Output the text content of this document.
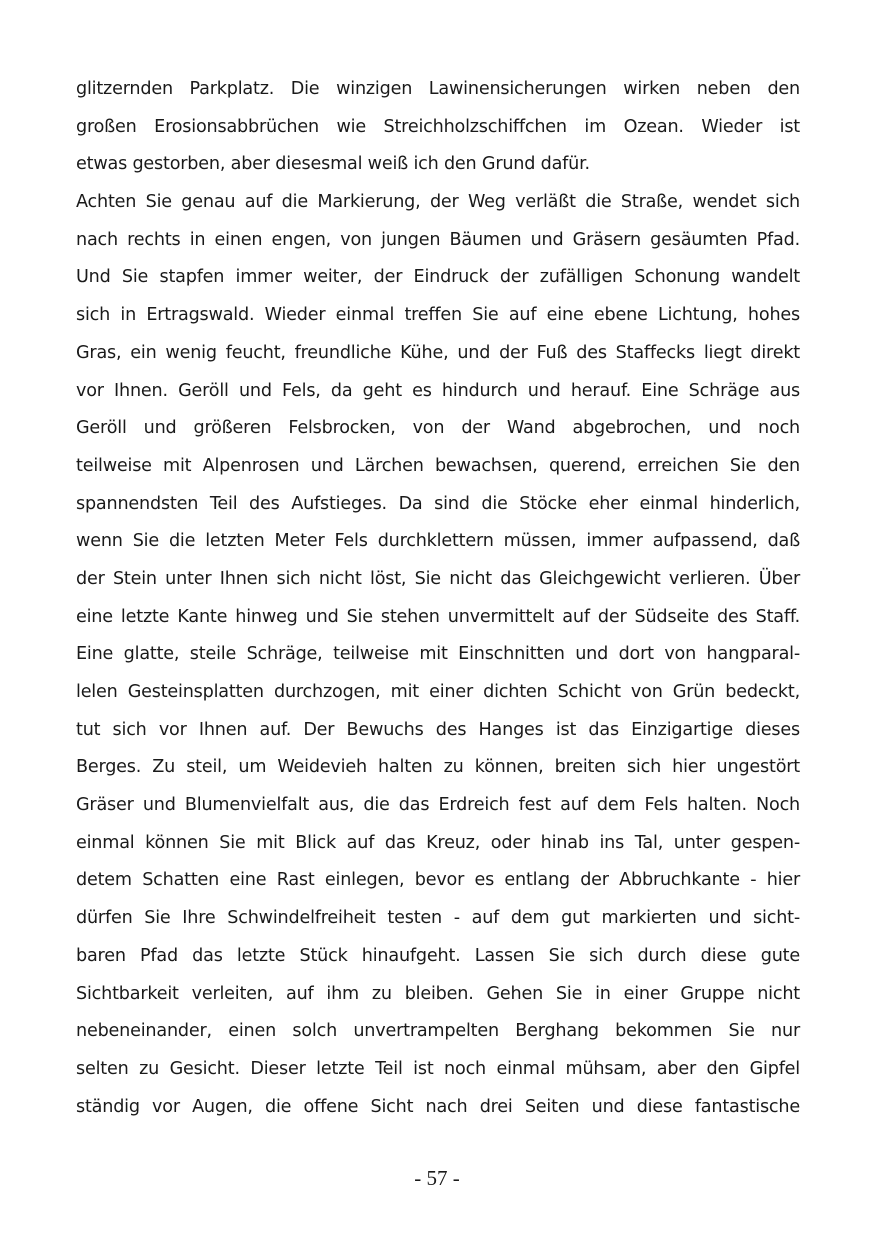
glitzernden Parkplatz. Die winzigen Lawinensicherungen wirken neben den
großen Erosionsabbrüchen wie Streichholzschiffchen im Ozean. Wieder ist
etwas gestorben, aber diesesmal weiß ich den Grund dafür.
Achten Sie genau auf die Markierung, der Weg verläßt die Straße, wendet sich
nach rechts in einen engen, von jungen Bäumen und Gräsern gesäumten Pfad.
Und Sie stapfen immer weiter, der Eindruck der zufälligen Schonung wandelt
sich in Ertragswald. Wieder einmal treffen Sie auf eine ebene Lichtung, hohes
Gras, ein wenig feucht, freundliche Kühe, und der Fuß des Staffecks liegt direkt
vor Ihnen. Geröll und Fels, da geht es hindurch und herauf. Eine Schräge aus
Geröll und größeren Felsbrocken, von der Wand abgebrochen, und noch
teilweise mit Alpenrosen und Lärchen bewachsen, querend, erreichen Sie den
spannendsten Teil des Aufstieges. Da sind die Stöcke eher einmal hinderlich,
wenn Sie die letzten Meter Fels durchklettern müssen, immer aufpassend, daß
der Stein unter Ihnen sich nicht löst, Sie nicht das Gleichgewicht verlieren. Über
eine letzte Kante hinweg und Sie stehen unvermittelt auf der Südseite des Staff.
Eine glatte, steile Schräge, teilweise mit Einschnitten und dort von hangparal-
lelen Gesteinsplatten durchzogen, mit einer dichten Schicht von Grün bedeckt,
tut sich vor Ihnen auf. Der Bewuchs des Hanges ist das Einzigartige dieses
Berges. Zu steil, um Weidevieh halten zu können, breiten sich hier ungestört
Gräser und Blumenvielfalt aus, die das Erdreich fest auf dem Fels halten. Noch
einmal können Sie mit Blick auf das Kreuz, oder hinab ins Tal, unter gespen-
detem Schatten eine Rast einlegen, bevor es entlang der Abbruchkante - hier
dürfen Sie Ihre Schwindelfreiheit testen - auf dem gut markierten und sicht-
baren Pfad das letzte Stück hinaufgeht. Lassen Sie sich durch diese gute
Sichtbarkeit verleiten, auf ihm zu bleiben. Gehen Sie in einer Gruppe nicht
nebeneinander, einen solch unvertrampelten Berghang bekommen Sie nur
selten zu Gesicht. Dieser letzte Teil ist noch einmal mühsam, aber den Gipfel
ständig vor Augen, die offene Sicht nach drei Seiten und diese fantastische
- 57 -
